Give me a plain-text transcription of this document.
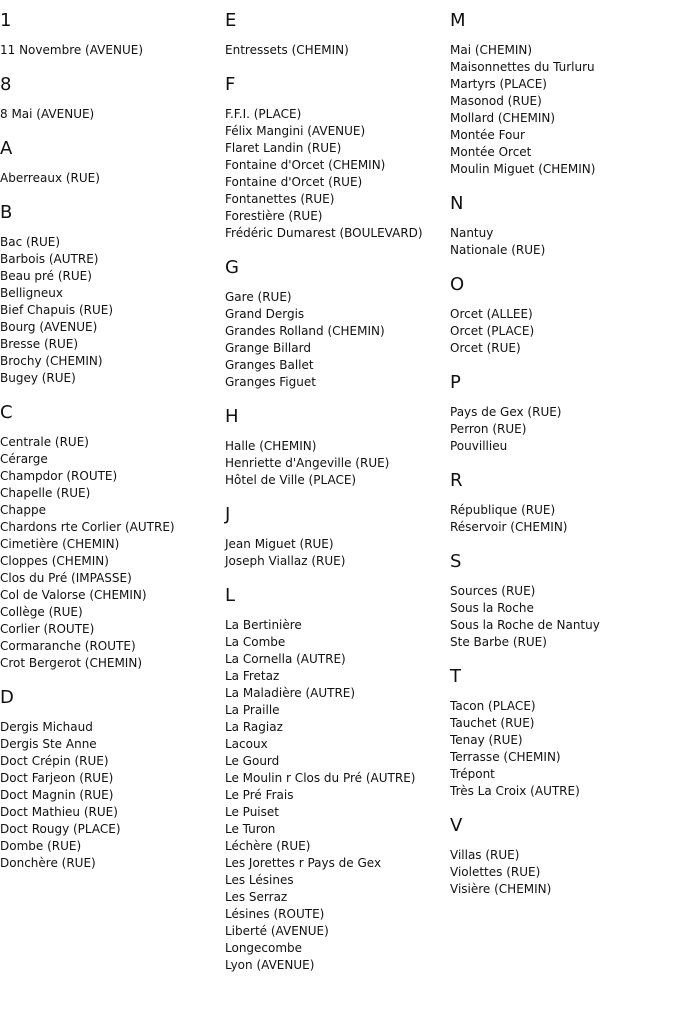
1
11 Novembre (AVENUE)
8
8 Mai (AVENUE)
A
Aberreaux (RUE)
B
Bac (RUE)
Barbois (AUTRE)
Beau pré (RUE)
Belligneux
Bief Chapuis (RUE)
Bourg (AVENUE)
Bresse (RUE)
Brochy (CHEMIN)
Bugey (RUE)
C
Centrale (RUE)
Cérarge
Champdor (ROUTE)
Chapelle (RUE)
Chappe
Chardons rte Corlier (AUTRE)
Cimetière (CHEMIN)
Cloppes (CHEMIN)
Clos du Pré (IMPASSE)
Col de Valorse (CHEMIN)
Collège (RUE)
Corlier (ROUTE)
Cormaranche (ROUTE)
Crot Bergerot (CHEMIN)
D
Dergis Michaud
Dergis Ste Anne
Doct Crépin (RUE)
Doct Farjeon (RUE)
Doct Magnin (RUE)
Doct Mathieu (RUE)
Doct Rougy (PLACE)
Dombe (RUE)
Donchère (RUE)
E
Entressets (CHEMIN)
F
F.F.I. (PLACE)
Félix Mangini (AVENUE)
Flaret Landin (RUE)
Fontaine d'Orcet (CHEMIN)
Fontaine d'Orcet (RUE)
Fontanettes (RUE)
Forestière (RUE)
Frédéric Dumarest (BOULEVARD)
G
Gare (RUE)
Grand Dergis
Grandes Rolland (CHEMIN)
Grange Billard
Granges Ballet
Granges Figuet
H
Halle (CHEMIN)
Henriette d'Angeville (RUE)
Hôtel de Ville (PLACE)
J
Jean Miguet (RUE)
Joseph Viallaz (RUE)
L
La Bertinière
La Combe
La Cornella (AUTRE)
La Fretaz
La Maladière (AUTRE)
La Praille
La Ragiaz
Lacoux
Le Gourd
Le Moulin r Clos du Pré (AUTRE)
Le Pré Frais
Le Puiset
Le Turon
Léchère (RUE)
Les Jorettes r Pays de Gex
Les Lésines
Les Serraz
Lésines (ROUTE)
Liberté (AVENUE)
Longecombe
Lyon (AVENUE)
M
Mai (CHEMIN)
Maisonnettes du Turluru
Martyrs (PLACE)
Masonod (RUE)
Mollard (CHEMIN)
Montée Four
Montée Orcet
Moulin Miguet (CHEMIN)
N
Nantuy
Nationale (RUE)
O
Orcet (ALLEE)
Orcet (PLACE)
Orcet (RUE)
P
Pays de Gex (RUE)
Perron (RUE)
Pouvillieu
R
République (RUE)
Réservoir (CHEMIN)
S
Sources (RUE)
Sous la Roche
Sous la Roche de Nantuy
Ste Barbe (RUE)
T
Tacon (PLACE)
Tauchet (RUE)
Tenay (RUE)
Terrasse (CHEMIN)
Trépont
Très La Croix (AUTRE)
V
Villas (RUE)
Violettes (RUE)
Visière (CHEMIN)
